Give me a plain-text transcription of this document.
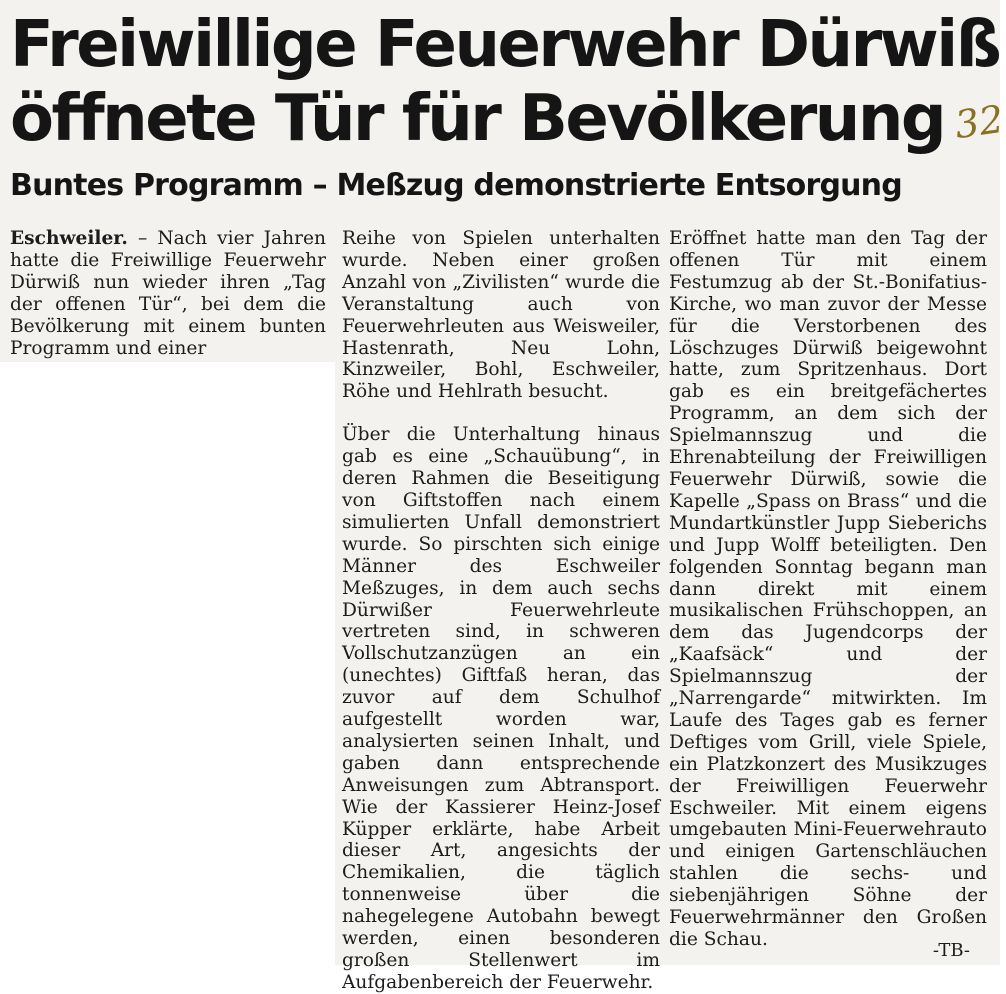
Freiwillige Feuerwehr Dürwiß
öffnete Tür für Bevölkerung 32
Buntes Programm – Meßzug demonstrierte Entsorgung

Eschweiler. – Nach vier Jahren hatte die Freiwillige Feuerwehr Dürwiß nun wieder ihren „Tag der offenen Tür“, bei dem die Bevölkerung mit einem bunten Programm und einer

Reihe von Spielen unterhalten wurde. Neben einer großen Anzahl von „Zivilisten“ wurde die Veranstaltung auch von Feuerwehrleuten aus Weisweiler, Hastenrath, Neu Lohn, Kinzweiler, Bohl, Eschweiler, Röhe und Hehlrath besucht.

Über die Unterhaltung hinaus gab es eine „Schauübung“, in deren Rahmen die Beseitigung von Giftstoffen nach einem simulierten Unfall demonstriert wurde. So pirschten sich einige Männer des Eschweiler Meßzuges, in dem auch sechs Dürwißer Feuerwehrleute vertreten sind, in schweren Vollschutzanzügen an ein (unechtes) Giftfaß heran, das zuvor auf dem Schulhof aufgestellt worden war, analysierten seinen Inhalt, und gaben dann entsprechende Anweisungen zum Abtransport. Wie der Kassierer Heinz-Josef Küpper erklärte, habe Arbeit dieser Art, angesichts der Chemikalien, die täglich tonnenweise über die nahegelegene Autobahn bewegt werden, einen besonderen großen Stellenwert im Aufgabenbereich der Feuerwehr.

Eröffnet hatte man den Tag der offenen Tür mit einem Festumzug ab der St.-Bonifatius-Kirche, wo man zuvor der Messe für die Verstorbenen des Löschzuges Dürwiß beigewohnt hatte, zum Spritzenhaus. Dort gab es ein breitgefächertes Programm, an dem sich der Spielmannszug und die Ehrenabteilung der Freiwilligen Feuerwehr Dürwiß, sowie die Kapelle „Spass on Brass“ und die Mundartkünstler Jupp Sieberichs und Jupp Wolff beteiligten. Den folgenden Sonntag begann man dann direkt mit einem musikalischen Frühschoppen, an dem das Jugendcorps der „Kaafsäck“ und der Spielmannszug der „Narrengarde“ mitwirkten. Im Laufe des Tages gab es ferner Deftiges vom Grill, viele Spiele, ein Platzkonzert des Musikzuges der Freiwilligen Feuerwehr Eschweiler. Mit einem eigens umgebauten Mini-Feuerwehrauto und einigen Gartenschläuchen stahlen die sechs- und siebenjährigen Söhne der Feuerwehrmänner den Großen die Schau.

-TB-
